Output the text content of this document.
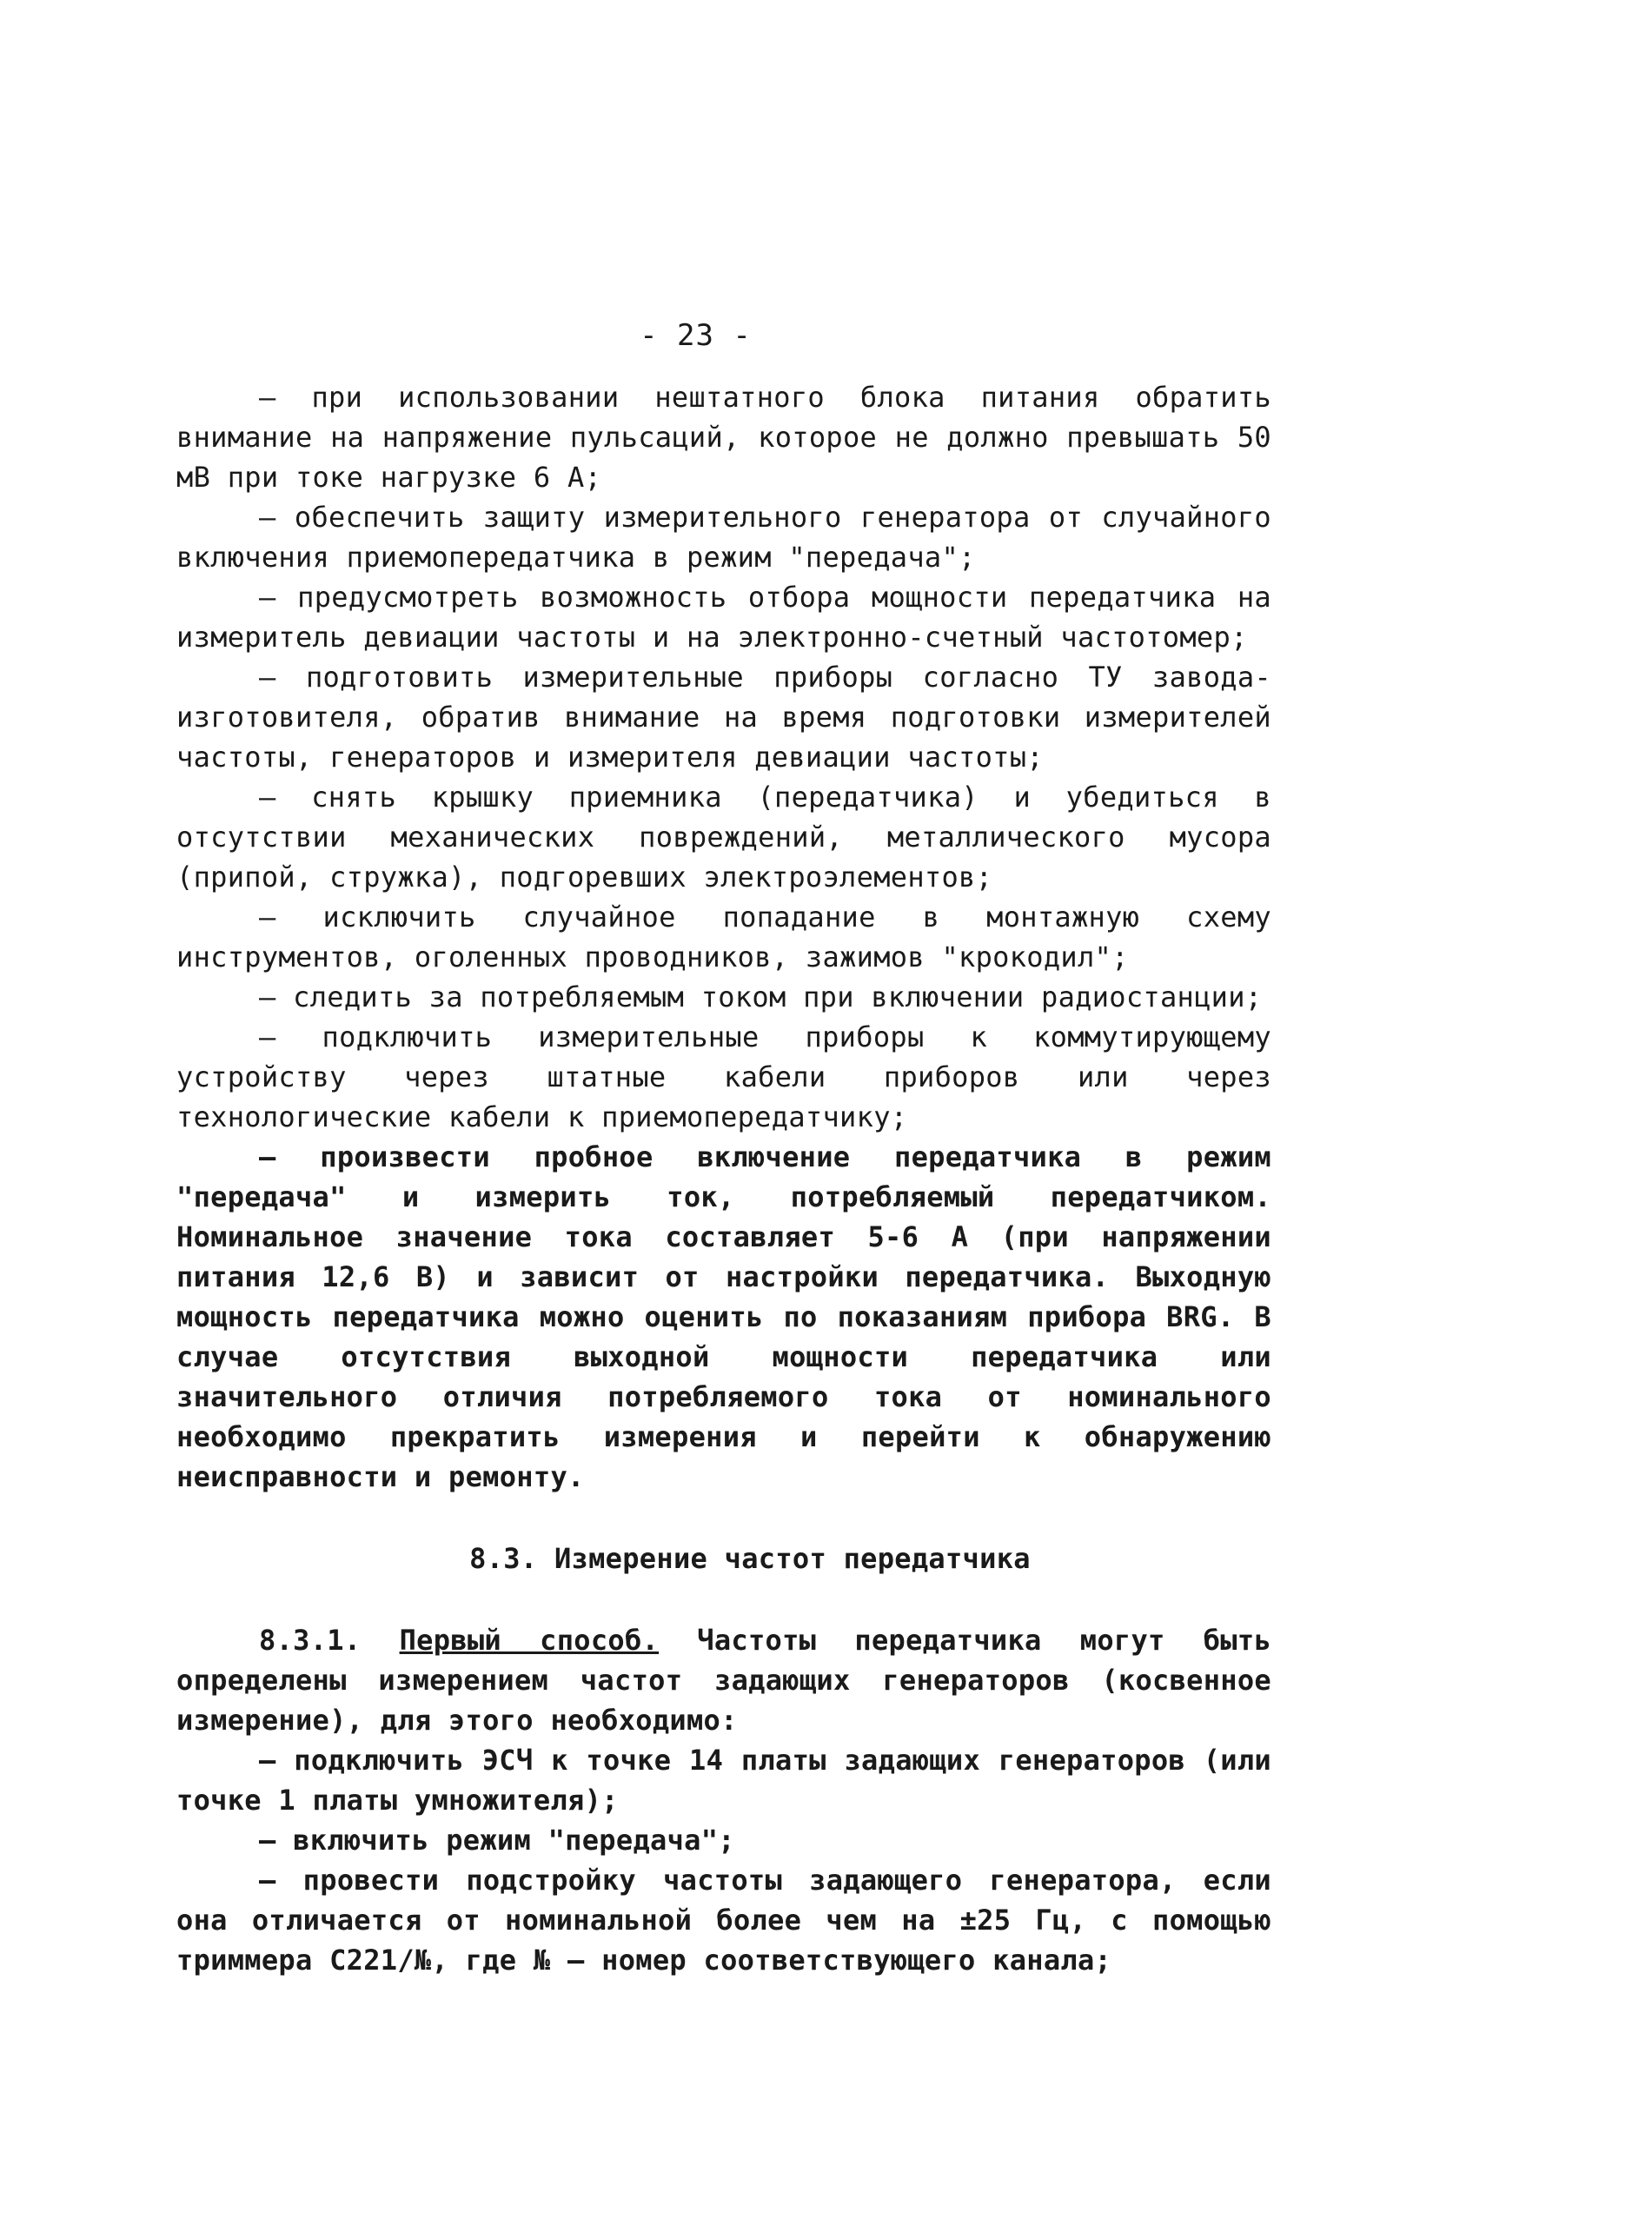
- 23 -

– при использовании нештатного блока питания обратить внимание на напряжение пульсаций, которое не должно превышать 50 мВ при токе нагрузке 6 А;

– обеспечить защиту измерительного генератора от случайного включения приемопередатчика в режим "передача";

– предусмотреть возможность отбора мощности передатчика на измеритель девиации частоты и на электронно-счетный частотомер;

– подготовить измерительные приборы согласно ТУ завода-изготовителя, обратив внимание на время подготовки измерителей частоты, генераторов и измерителя девиации частоты;

– снять крышку приемника (передатчика) и убедиться в отсутствии механических повреждений, металлического мусора (припой, стружка), подгоревших электроэлементов;

– исключить случайное попадание в монтажную схему инструментов, оголенных проводников, зажимов "крокодил";

– следить за потребляемым током при включении радиостанции;

– подключить измерительные приборы к коммутирующему устройству через штатные кабели приборов или через технологические кабели к приемопередатчику;

– произвести пробное включение передатчика в режим "передача" и измерить ток, потребляемый передатчиком. Номинальное значение тока составляет 5-6 А (при напряжении питания 12,6 В) и зависит от настройки передатчика. Выходную мощность передатчика можно оценить по показаниям прибора BRG. В случае отсутствия выходной мощности передатчика или значительного отличия потребляемого тока от номинального необходимо прекратить измерения и перейти к обнаружению неисправности и ремонту.

8.3. Измерение частот передатчика

8.3.1. Первый способ. Частоты передатчика могут быть определены измерением частот задающих генераторов (косвенное измерение), для этого необходимо:

– подключить ЭСЧ к точке 14 платы задающих генераторов (или точке 1 платы умножителя);

– включить режим "передача";

– провести подстройку частоты задающего генератора, если она отличается от номинальной более чем на ±25 Гц, с помощью триммера С221/№, где № – номер соответствующего канала;
